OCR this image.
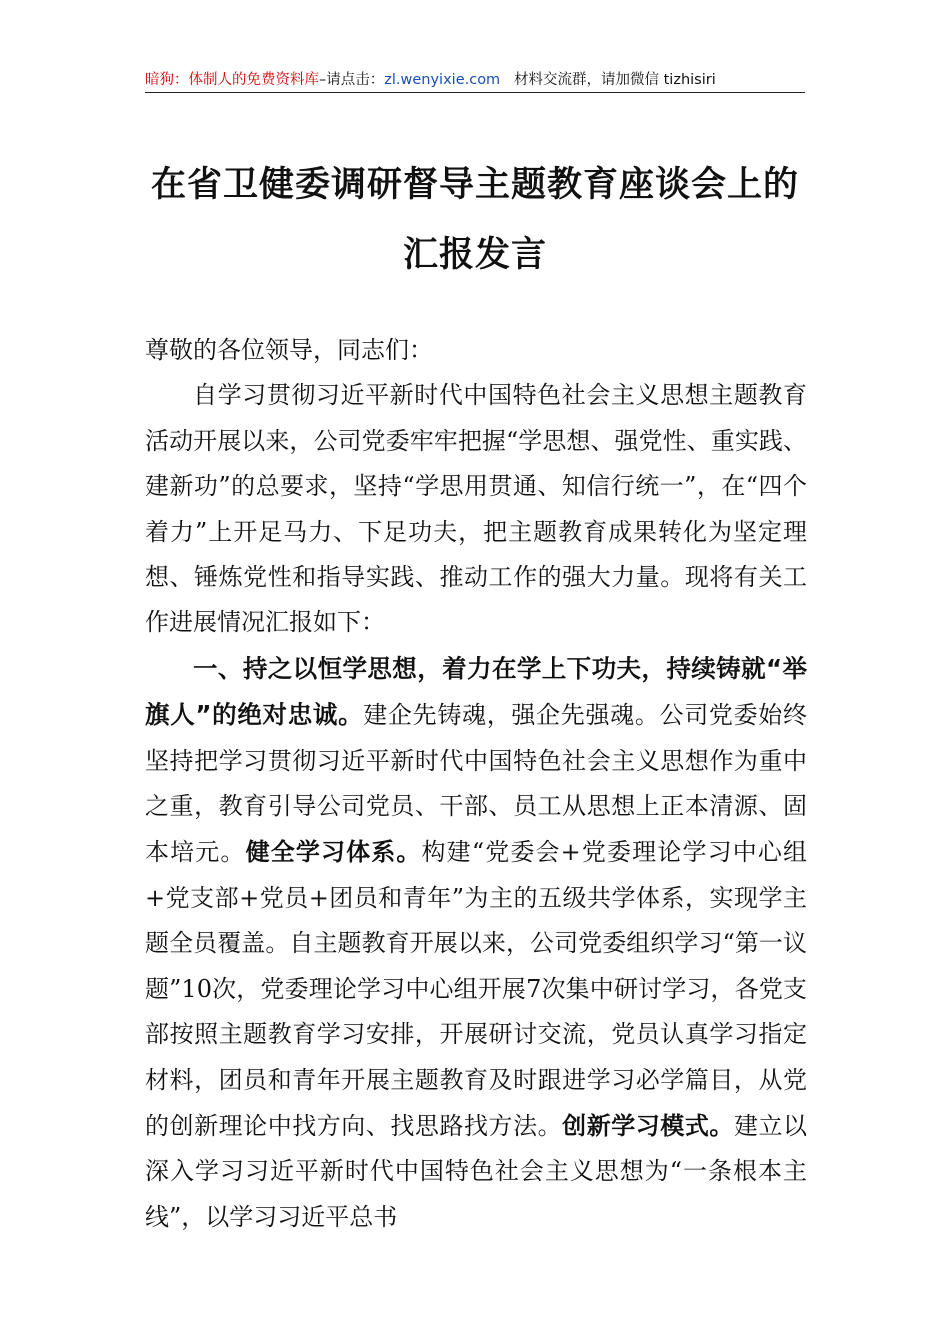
暗狗：体制人的免费资料库–请点击：zl.wenyixie.com 材料交流群，请加微信 tizhisiri
在省卫健委调研督导主题教育座谈会上的
汇报发言

尊敬的各位领导，同志们：

自学习贯彻习近平新时代中国特色社会主义思想主题教育活动开展以来，公司党委牢牢把握“学思想、强党性、重实践、建新功”的总要求，坚持“学思用贯通、知信行统一”，在“四个着力”上开足马力、下足功夫，把主题教育成果转化为坚定理想、锤炼党性和指导实践、推动工作的强大力量。现将有关工作进展情况汇报如下：

一、持之以恒学思想，着力在学上下功夫，持续铸就“举旗人”的绝对忠诚。建企先铸魂，强企先强魂。公司党委始终坚持把学习贯彻习近平新时代中国特色社会主义思想作为重中之重，教育引导公司党员、干部、员工从思想上正本清源、固本培元。健全学习体系。构建“党委会+党委理论学习中心组+党支部+党员+团员和青年”为主的五级共学体系，实现学主题全员覆盖。自主题教育开展以来，公司党委组织学习“第一议题”10次，党委理论学习中心组开展7次集中研讨学习，各党支部按照主题教育学习安排，开展研讨交流，党员认真学习指定材料，团员和青年开展主题教育及时跟进学习必学篇目，从党的创新理论中找方向、找思路找方法。创新学习模式。建立以深入学习习近平新时代中国特色社会主义思想为“一条根本主线”，以学习习近平总书
